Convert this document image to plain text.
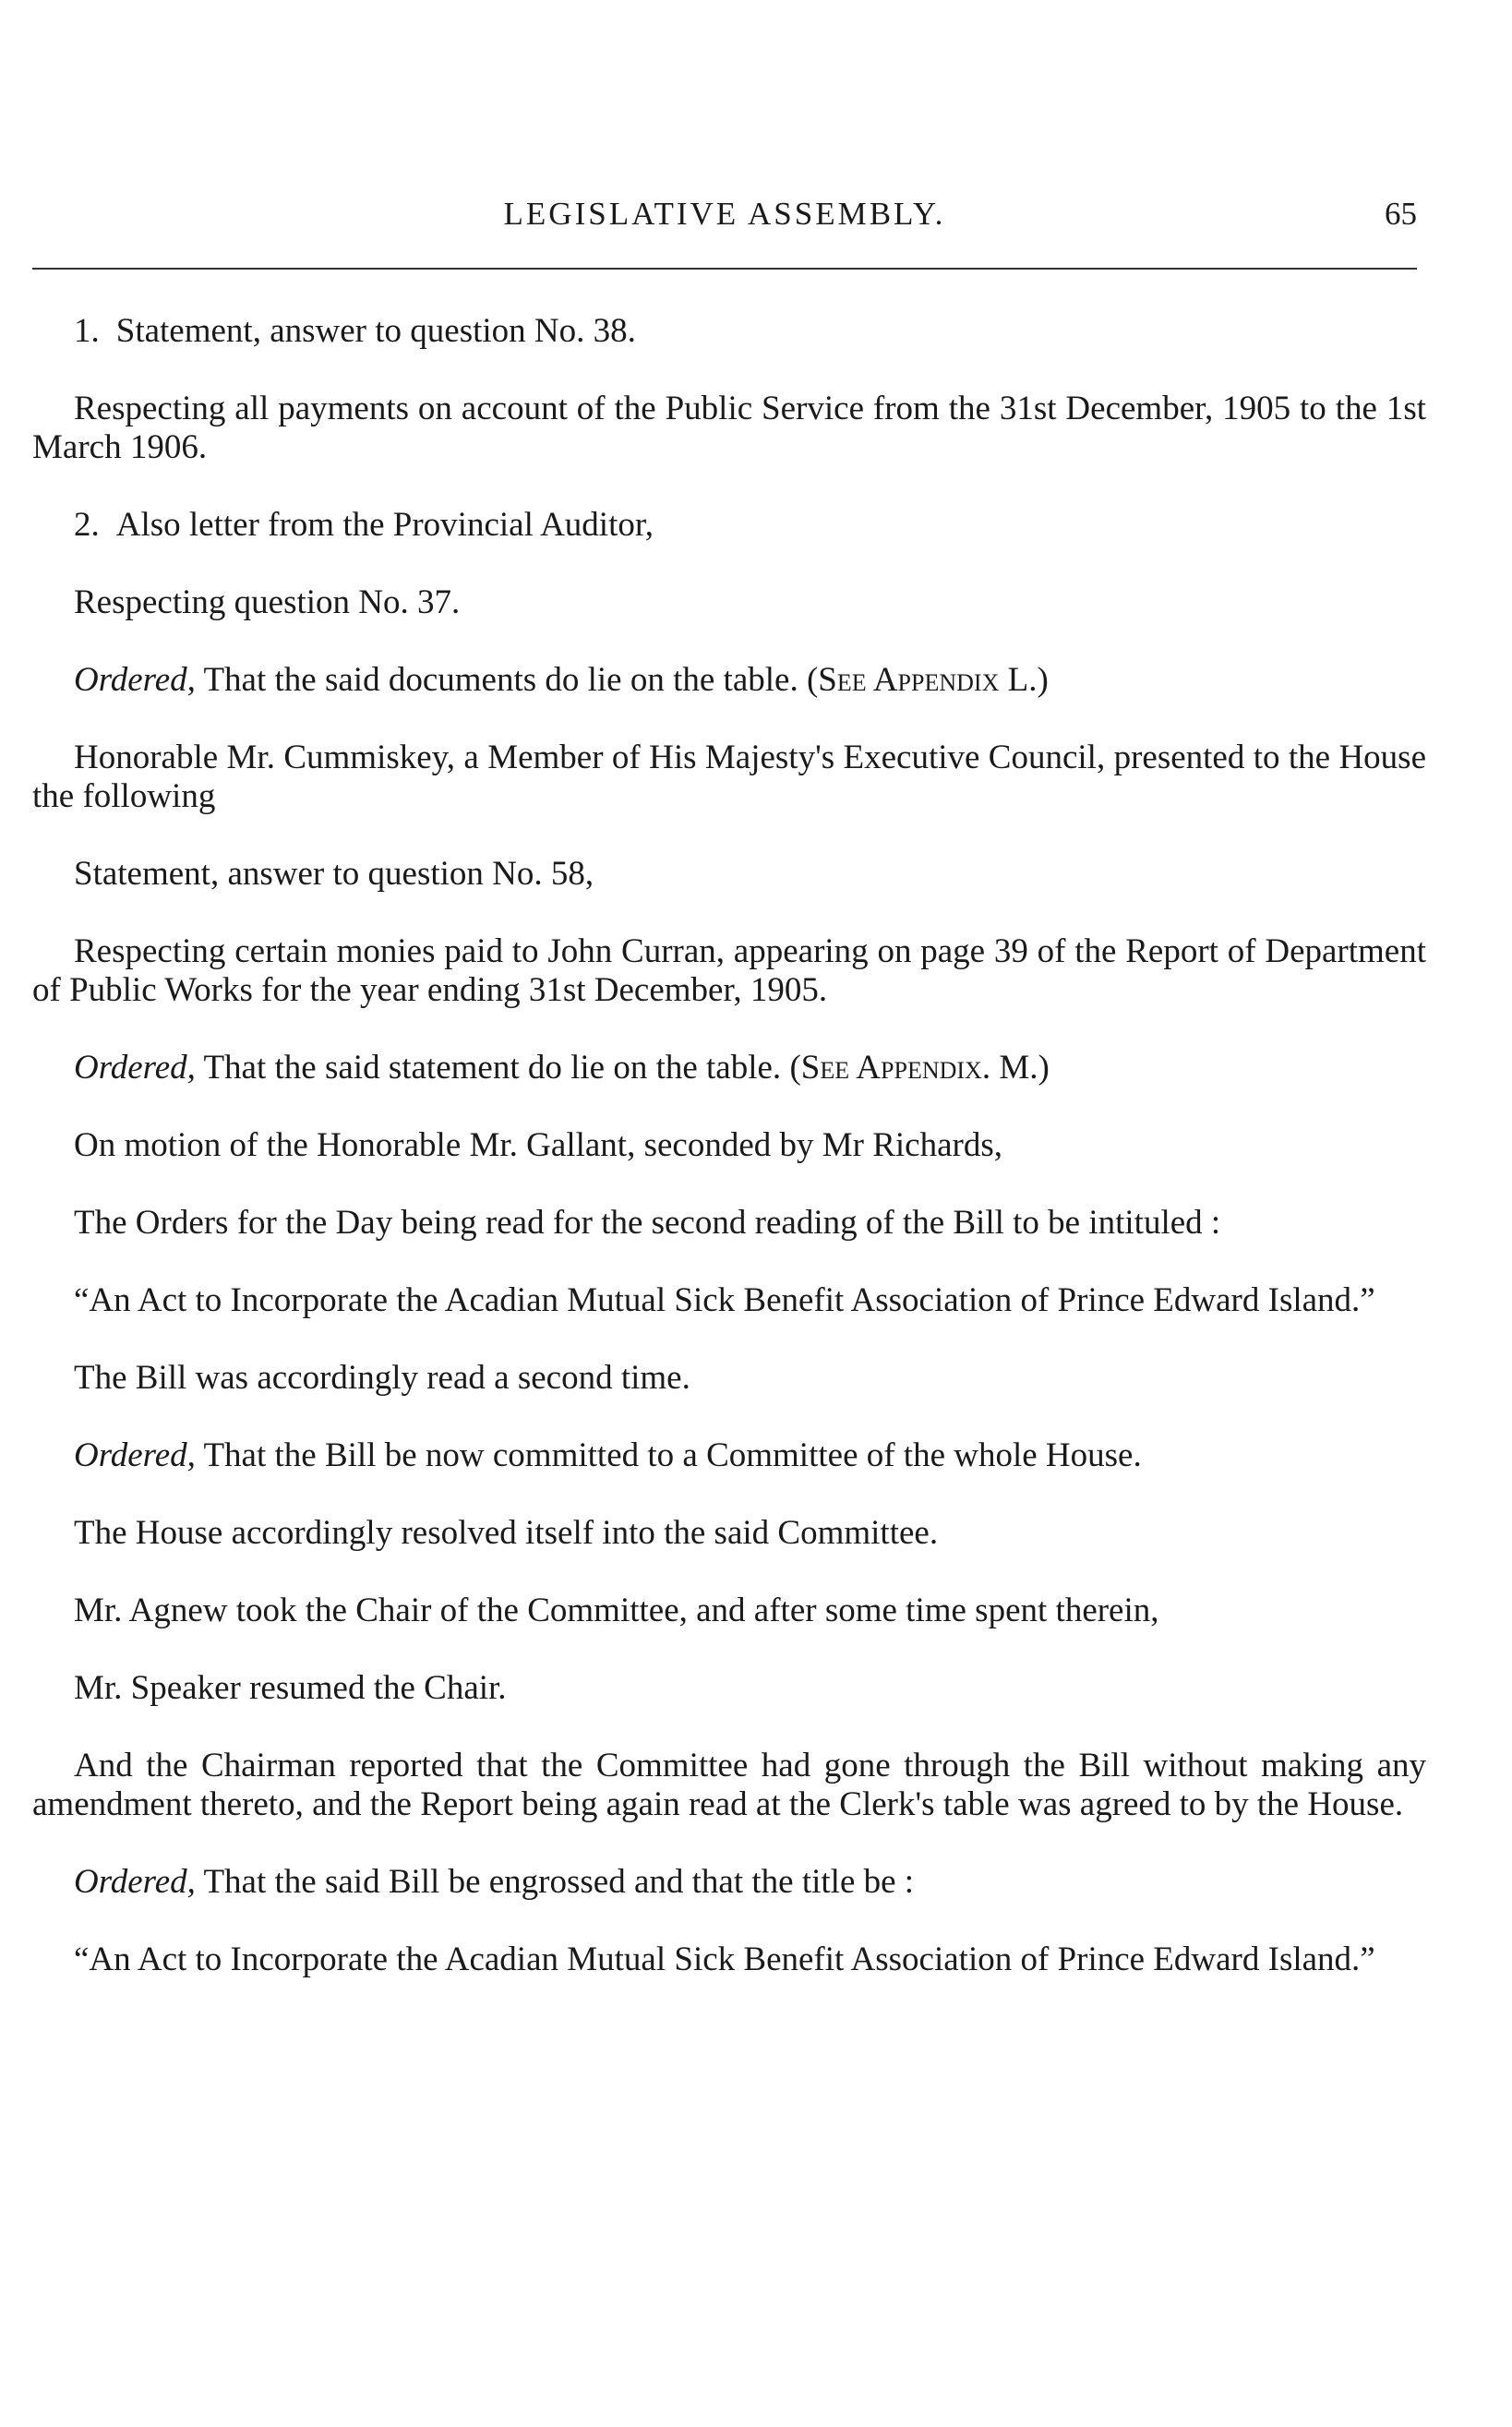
LEGISLATIVE ASSEMBLY.	65

1. Statement, answer to question No. 38.

Respecting all payments on account of the Public Service from the 31st December, 1905 to the 1st March 1906.

2. Also letter from the Provincial Auditor,

Respecting question No. 37.

Ordered, That the said documents do lie on the table. (See Appendix L.)

Honorable Mr. Cummiskey, a Member of His Majesty's Executive Council, presented to the House the following

Statement, answer to question No. 58,

Respecting certain monies paid to John Curran, appearing on page 39 of the Report of Department of Public Works for the year ending 31st December, 1905.

Ordered, That the said statement do lie on the table. (See Appendix. M.)

On motion of the Honorable Mr. Gallant, seconded by Mr Richards,

The Orders for the Day being read for the second reading of the Bill to be intituled :

“An Act to Incorporate the Acadian Mutual Sick Benefit Association of Prince Edward Island.”

The Bill was accordingly read a second time.

Ordered, That the Bill be now committed to a Committee of the whole House.

The House accordingly resolved itself into the said Committee.

Mr. Agnew took the Chair of the Committee, and after some time spent therein,

Mr. Speaker resumed the Chair.

And the Chairman reported that the Committee had gone through the Bill without making any amendment thereto, and the Report being again read at the Clerk's table was agreed to by the House.

Ordered, That the said Bill be engrossed and that the title be :

“An Act to Incorporate the Acadian Mutual Sick Benefit Association of Prince Edward Island.”
